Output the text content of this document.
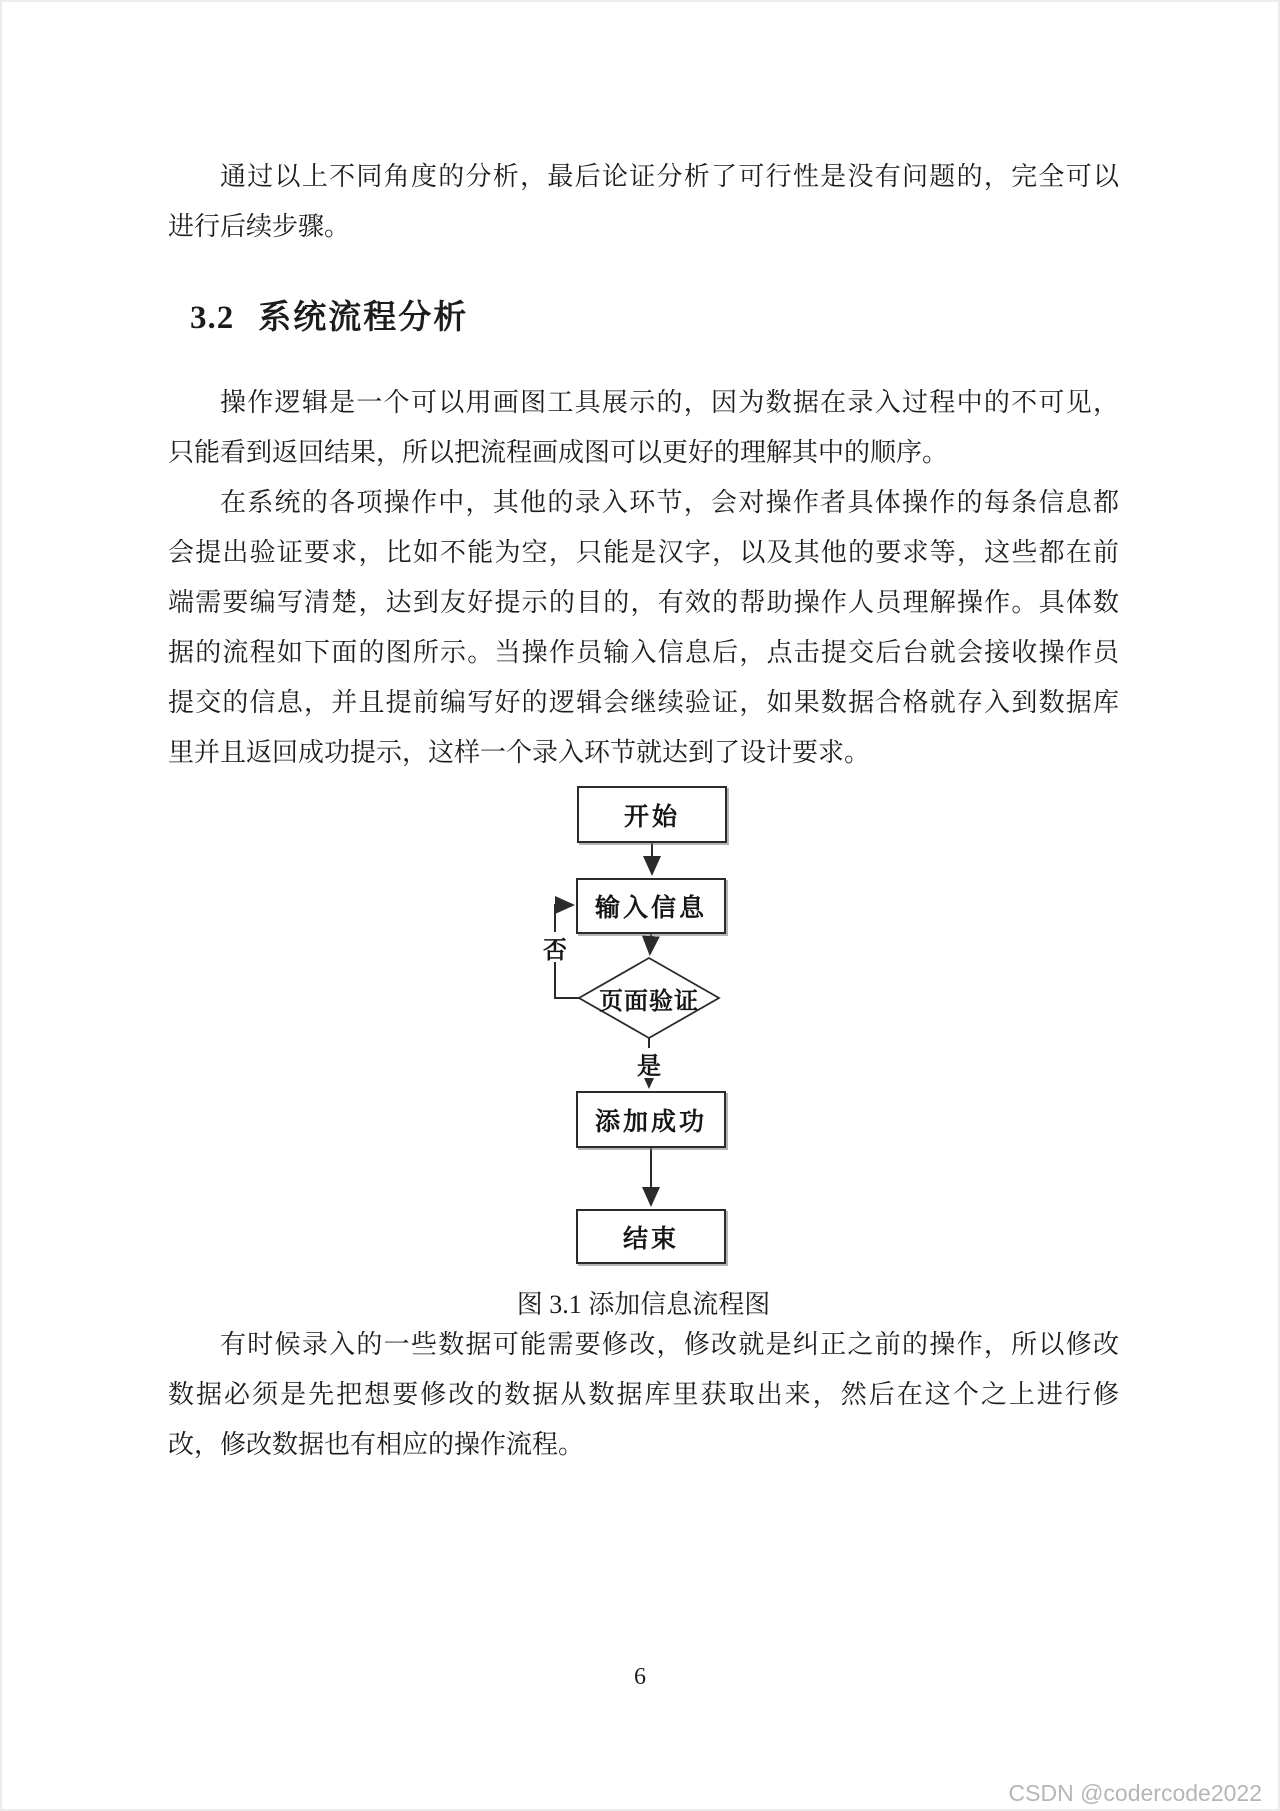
通过以上不同角度的分析，最后论证分析了可行性是没有问题的，完全可以
进行后续步骤。
3.2 系统流程分析
操作逻辑是一个可以用画图工具展示的，因为数据在录入过程中的不可见，
只能看到返回结果，所以把流程画成图可以更好的理解其中的顺序。
在系统的各项操作中，其他的录入环节，会对操作者具体操作的每条信息都
会提出验证要求，比如不能为空，只能是汉字，以及其他的要求等，这些都在前
端需要编写清楚，达到友好提示的目的，有效的帮助操作人员理解操作。具体数
据的流程如下面的图所示。当操作员输入信息后，点击提交后台就会接收操作员
提交的信息，并且提前编写好的逻辑会继续验证，如果数据合格就存入到数据库
里并且返回成功提示，这样一个录入环节就达到了设计要求。
开始
输入信息
页面验证
添加成功
结束
否
是
图 3.1 添加信息流程图
有时候录入的一些数据可能需要修改，修改就是纠正之前的操作，所以修改
数据必须是先把想要修改的数据从数据库里获取出来，然后在这个之上进行修
改，修改数据也有相应的操作流程。
6
CSDN @codercode2022
